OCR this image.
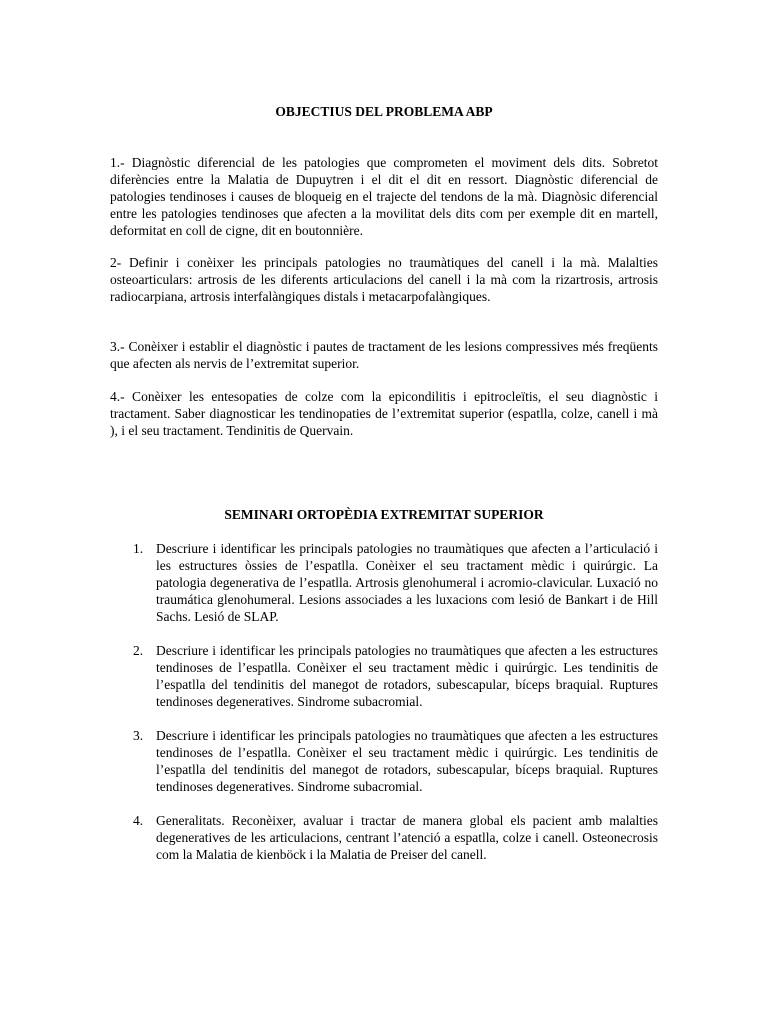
OBJECTIUS DEL PROBLEMA ABP

1.- Diagnòstic diferencial de les patologies que comprometen el moviment dels dits. Sobretot diferències entre la Malatia de Dupuytren i el dit el dit en ressort. Diagnòstic diferencial de patologies tendinoses i causes de bloqueig en el trajecte del tendons de la mà. Diagnòsic diferencial entre les patologies tendinoses que afecten a la movilitat dels dits com per exemple dit en martell, deformitat en coll de cigne, dit en boutonnière.

2- Definir i conèixer les principals patologies no traumàtiques del canell i la mà. Malalties osteoarticulars: artrosis de les diferents articulacions del canell i la mà com la rizartrosis, artrosis radiocarpiana, artrosis interfalàngiques distals i metacarpofalàngiques.

3.- Conèixer i establir el diagnòstic i pautes de tractament de les lesions compressives més freqüents que afecten als nervis de l’extremitat superior.

4.- Conèixer les entesopaties de colze com la epicondilitis i epitrocleïtis, el seu diagnòstic i tractament. Saber diagnosticar les tendinopaties de l’extremitat superior (espatlla, colze, canell i mà ), i el seu tractament. Tendinitis de Quervain.

SEMINARI ORTOPÈDIA EXTREMITAT SUPERIOR
1. Descriure i identificar les principals patologies no traumàtiques que afecten a l’articulació i les estructures òssies de l’espatlla. Conèixer el seu tractament mèdic i quirúrgic. La patologia degenerativa de l’espatlla. Artrosis glenohumeral i acromio-clavicular. Luxació no traumática glenohumeral. Lesions associades a les luxacions com lesió de Bankart i de Hill Sachs. Lesió de SLAP.
2. Descriure i identificar les principals patologies no traumàtiques que afecten a les estructures tendinoses de l’espatlla. Conèixer el seu tractament mèdic i quirúrgic. Les tendinitis de l’espatlla del tendinitis del manegot de rotadors, subescapular, bíceps braquial. Ruptures tendinoses degeneratives. Sindrome subacromial.
3. Descriure i identificar les principals patologies no traumàtiques que afecten a les estructures tendinoses de l’espatlla. Conèixer el seu tractament mèdic i quirúrgic. Les tendinitis de l’espatlla del tendinitis del manegot de rotadors, subescapular, bíceps braquial. Ruptures tendinoses degeneratives. Sindrome subacromial.
4. Generalitats. Reconèixer, avaluar i tractar de manera global els pacient amb malalties degeneratives de les articulacions, centrant l’atenció a espatlla, colze i canell. Osteonecrosis com la Malatia de kienböck i la Malatia de Preiser del canell.
